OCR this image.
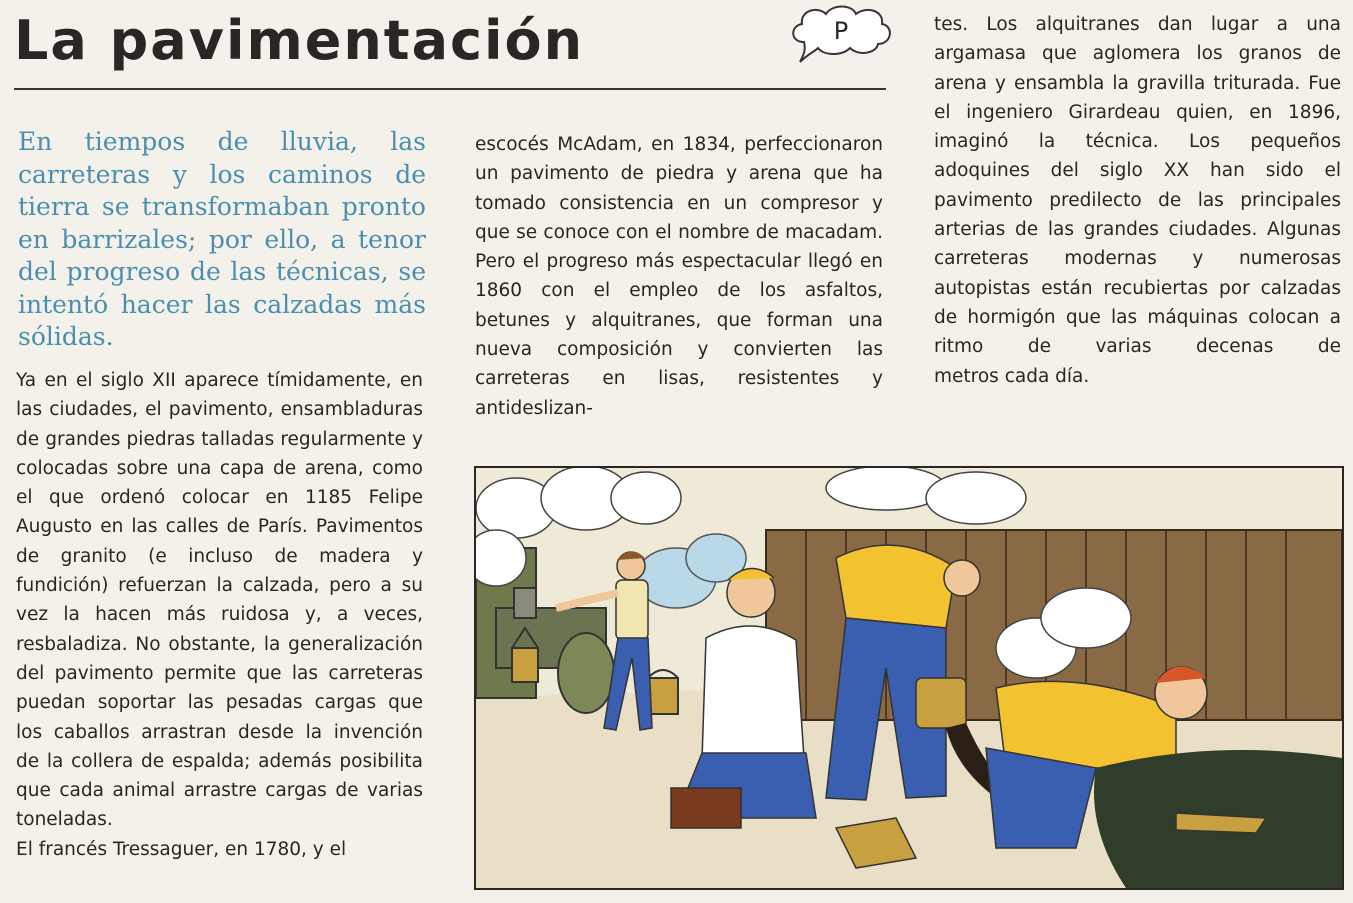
La pavimentación	P

En tiempos de lluvia, las carreteras y los caminos de tierra se transformaban pronto en barrizales; por ello, a tenor del progreso de las técnicas, se intentó hacer las calzadas más sólidas.

Ya en el siglo XII aparece tímidamente, en las ciudades, el pavimento, ensambladuras de grandes piedras talladas regularmente y colocadas sobre una capa de arena, como el que ordenó colocar en 1185 Felipe Augusto en las calles de París. Pavimentos de granito (e incluso de madera y fundición) refuerzan la calzada, pero a su vez la hacen más ruidosa y, a veces, resbaladiza. No obstante, la generalización del pavimento permite que las carreteras puedan soportar las pesadas cargas que los caballos arrastran desde la invención de la collera de espalda; además posibilita que cada animal arrastre cargas de varias toneladas.
El francés Tressaguer, en 1780, y el

escocés McAdam, en 1834, perfeccionaron un pavimento de piedra y arena que ha tomado consistencia en un compresor y que se conoce con el nombre de macadam. Pero el progreso más espectacular llegó en 1860 con el empleo de los asfaltos, betunes y alquitranes, que forman una nueva composición y convierten las carreteras en lisas, resistentes y antideslizan-

tes. Los alquitranes dan lugar a una argamasa que aglomera los granos de arena y ensambla la gravilla triturada. Fue el ingeniero Girardeau quien, en 1896, imaginó la técnica. Los pequeños adoquines del siglo XX han sido el pavimento predilecto de las principales arterias de las grandes ciudades. Algunas carreteras modernas y numerosas autopistas están recubiertas por calzadas de hormigón que las máquinas colocan a ritmo de varias decenas de
metros cada día.
